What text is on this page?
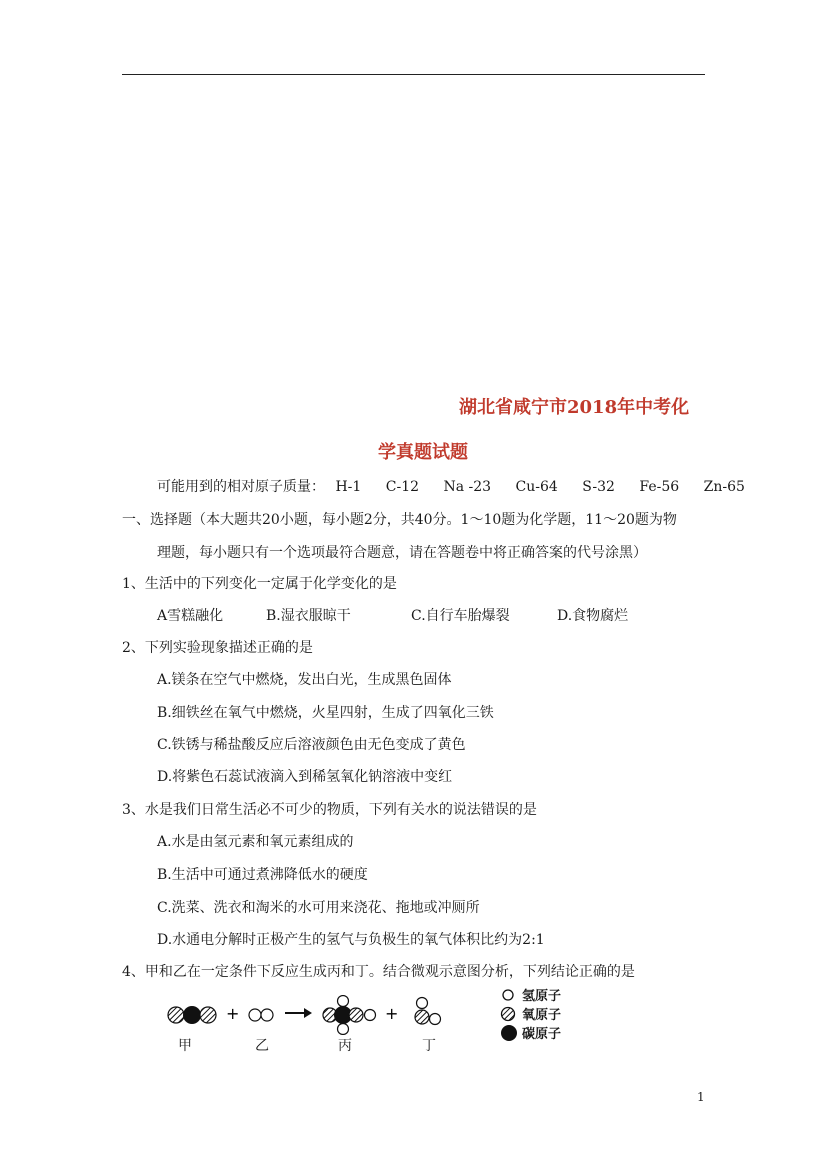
湖北省咸宁市2018年中考化
学真题试题
可能用到的相对原子质量： H-1 C-12 Na -23 Cu-64 S-32 Fe-56 Zn-65
一、选择题（本大题共20小题，每小题2分，共40分。1～10题为化学题，11～20题为物
理题，每小题只有一个选项最符合题意，请在答题卷中将正确答案的代号涂黑）
1、生活中的下列变化一定属于化学变化的是
A雪糕融化	B.湿衣服晾干	C.自行车胎爆裂	D.食物腐烂
2、下列实验现象描述正确的是
A.镁条在空气中燃烧，发出白光，生成黑色固体
B.细铁丝在氧气中燃烧，火星四射，生成了四氧化三铁
C.铁锈与稀盐酸反应后溶液颜色由无色变成了黄色
D.将紫色石蕊试液滴入到稀氢氧化钠溶液中变红
3、水是我们日常生活必不可少的物质，下列有关水的说法错误的是
A.水是由氢元素和氧元素组成的
B.生活中可通过煮沸降低水的硬度
C.洗菜、洗衣和淘米的水可用来浇花、拖地或冲厕所
D.水通电分解时正极产生的氢气与负极生的氧气体积比约为2:1
4、甲和乙在一定条件下反应生成丙和丁。结合微观示意图分析，下列结论正确的是
+	+
甲	乙	丙	丁
氢原子
氧原子
碳原子
1
